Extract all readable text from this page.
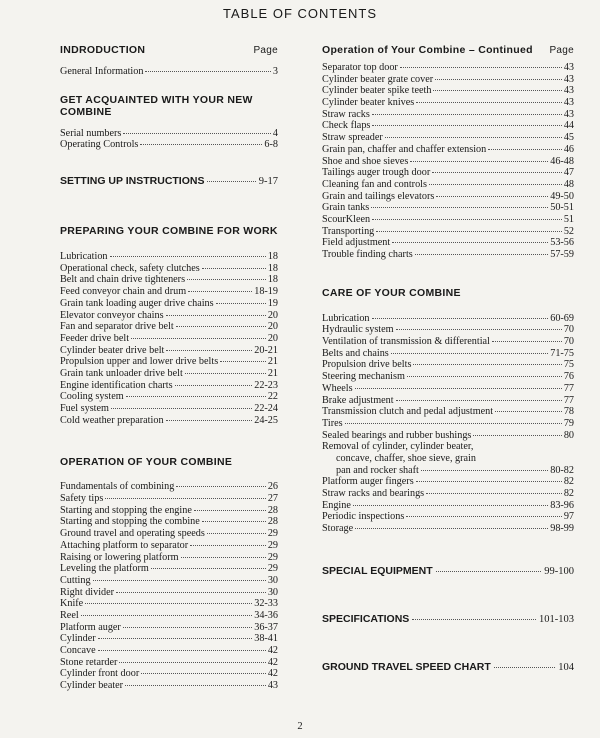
TABLE OF CONTENTS
INDRODUCTION	Page
General Information	3
GET ACQUAINTED WITH YOUR NEW COMBINE
Serial numbers	4
Operating Controls	6-8
SETTING UP INSTRUCTIONS	9-17
PREPARING YOUR COMBINE FOR WORK
Lubrication	18
Operational check, safety clutches	18
Belt and chain drive tighteners	18
Feed conveyor chain and drum	18-19
Grain tank loading auger drive chains	19
Elevator conveyor chains	20
Fan and separator drive belt	20
Feeder drive belt	20
Cylinder beater drive belt	20-21
Propulsion upper and lower drive belts	21
Grain tank unloader drive belt	21
Engine identification charts	22-23
Cooling system	22
Fuel system	22-24
Cold weather preparation	24-25
OPERATION OF YOUR COMBINE
Fundamentals of combining	26
Safety tips	27
Starting and stopping the engine	28
Starting and stopping the combine	28
Ground travel and operating speeds	29
Attaching platform to separator	29
Raising or lowering platform	29
Leveling the platform	29
Cutting	30
Right divider	30
Knife	32-33
Reel	34-36
Platform auger	36-37
Cylinder	38-41
Concave	42
Stone retarder	42
Cylinder front door	42
Cylinder beater	43
Operation of Your Combine – Continued Page
Separator top door	43
Cylinder beater grate cover	43
Cylinder beater spike teeth	43
Cylinder beater knives	43
Straw racks	43
Check flaps	44
Straw spreader	45
Grain pan, chaffer and chaffer extension	46
Shoe and shoe sieves	46-48
Tailings auger trough door	47
Cleaning fan and controls	48
Grain and tailings elevators	49-50
Grain tanks	50-51
ScourKleen	51
Transporting	52
Field adjustment	53-56
Trouble finding charts	57-59
CARE OF YOUR COMBINE
Lubrication	60-69
Hydraulic system	70
Ventilation of transmission & differential	70
Belts and chains	71-75
Propulsion drive belts	75
Steering mechanism	76
Wheels	77
Brake adjustment	77
Transmission clutch and pedal adjustment	78
Tires	79
Sealed bearings and rubber bushings	80
Removal of cylinder, cylinder beater,
concave, chaffer, shoe sieve, grain
pan and rocker shaft	80-82
Platform auger fingers	82
Straw racks and bearings	82
Engine	83-96
Periodic inspections	97
Storage	98-99
SPECIAL EQUIPMENT	99-100
SPECIFICATIONS	101-103
GROUND TRAVEL SPEED CHART	104
2
